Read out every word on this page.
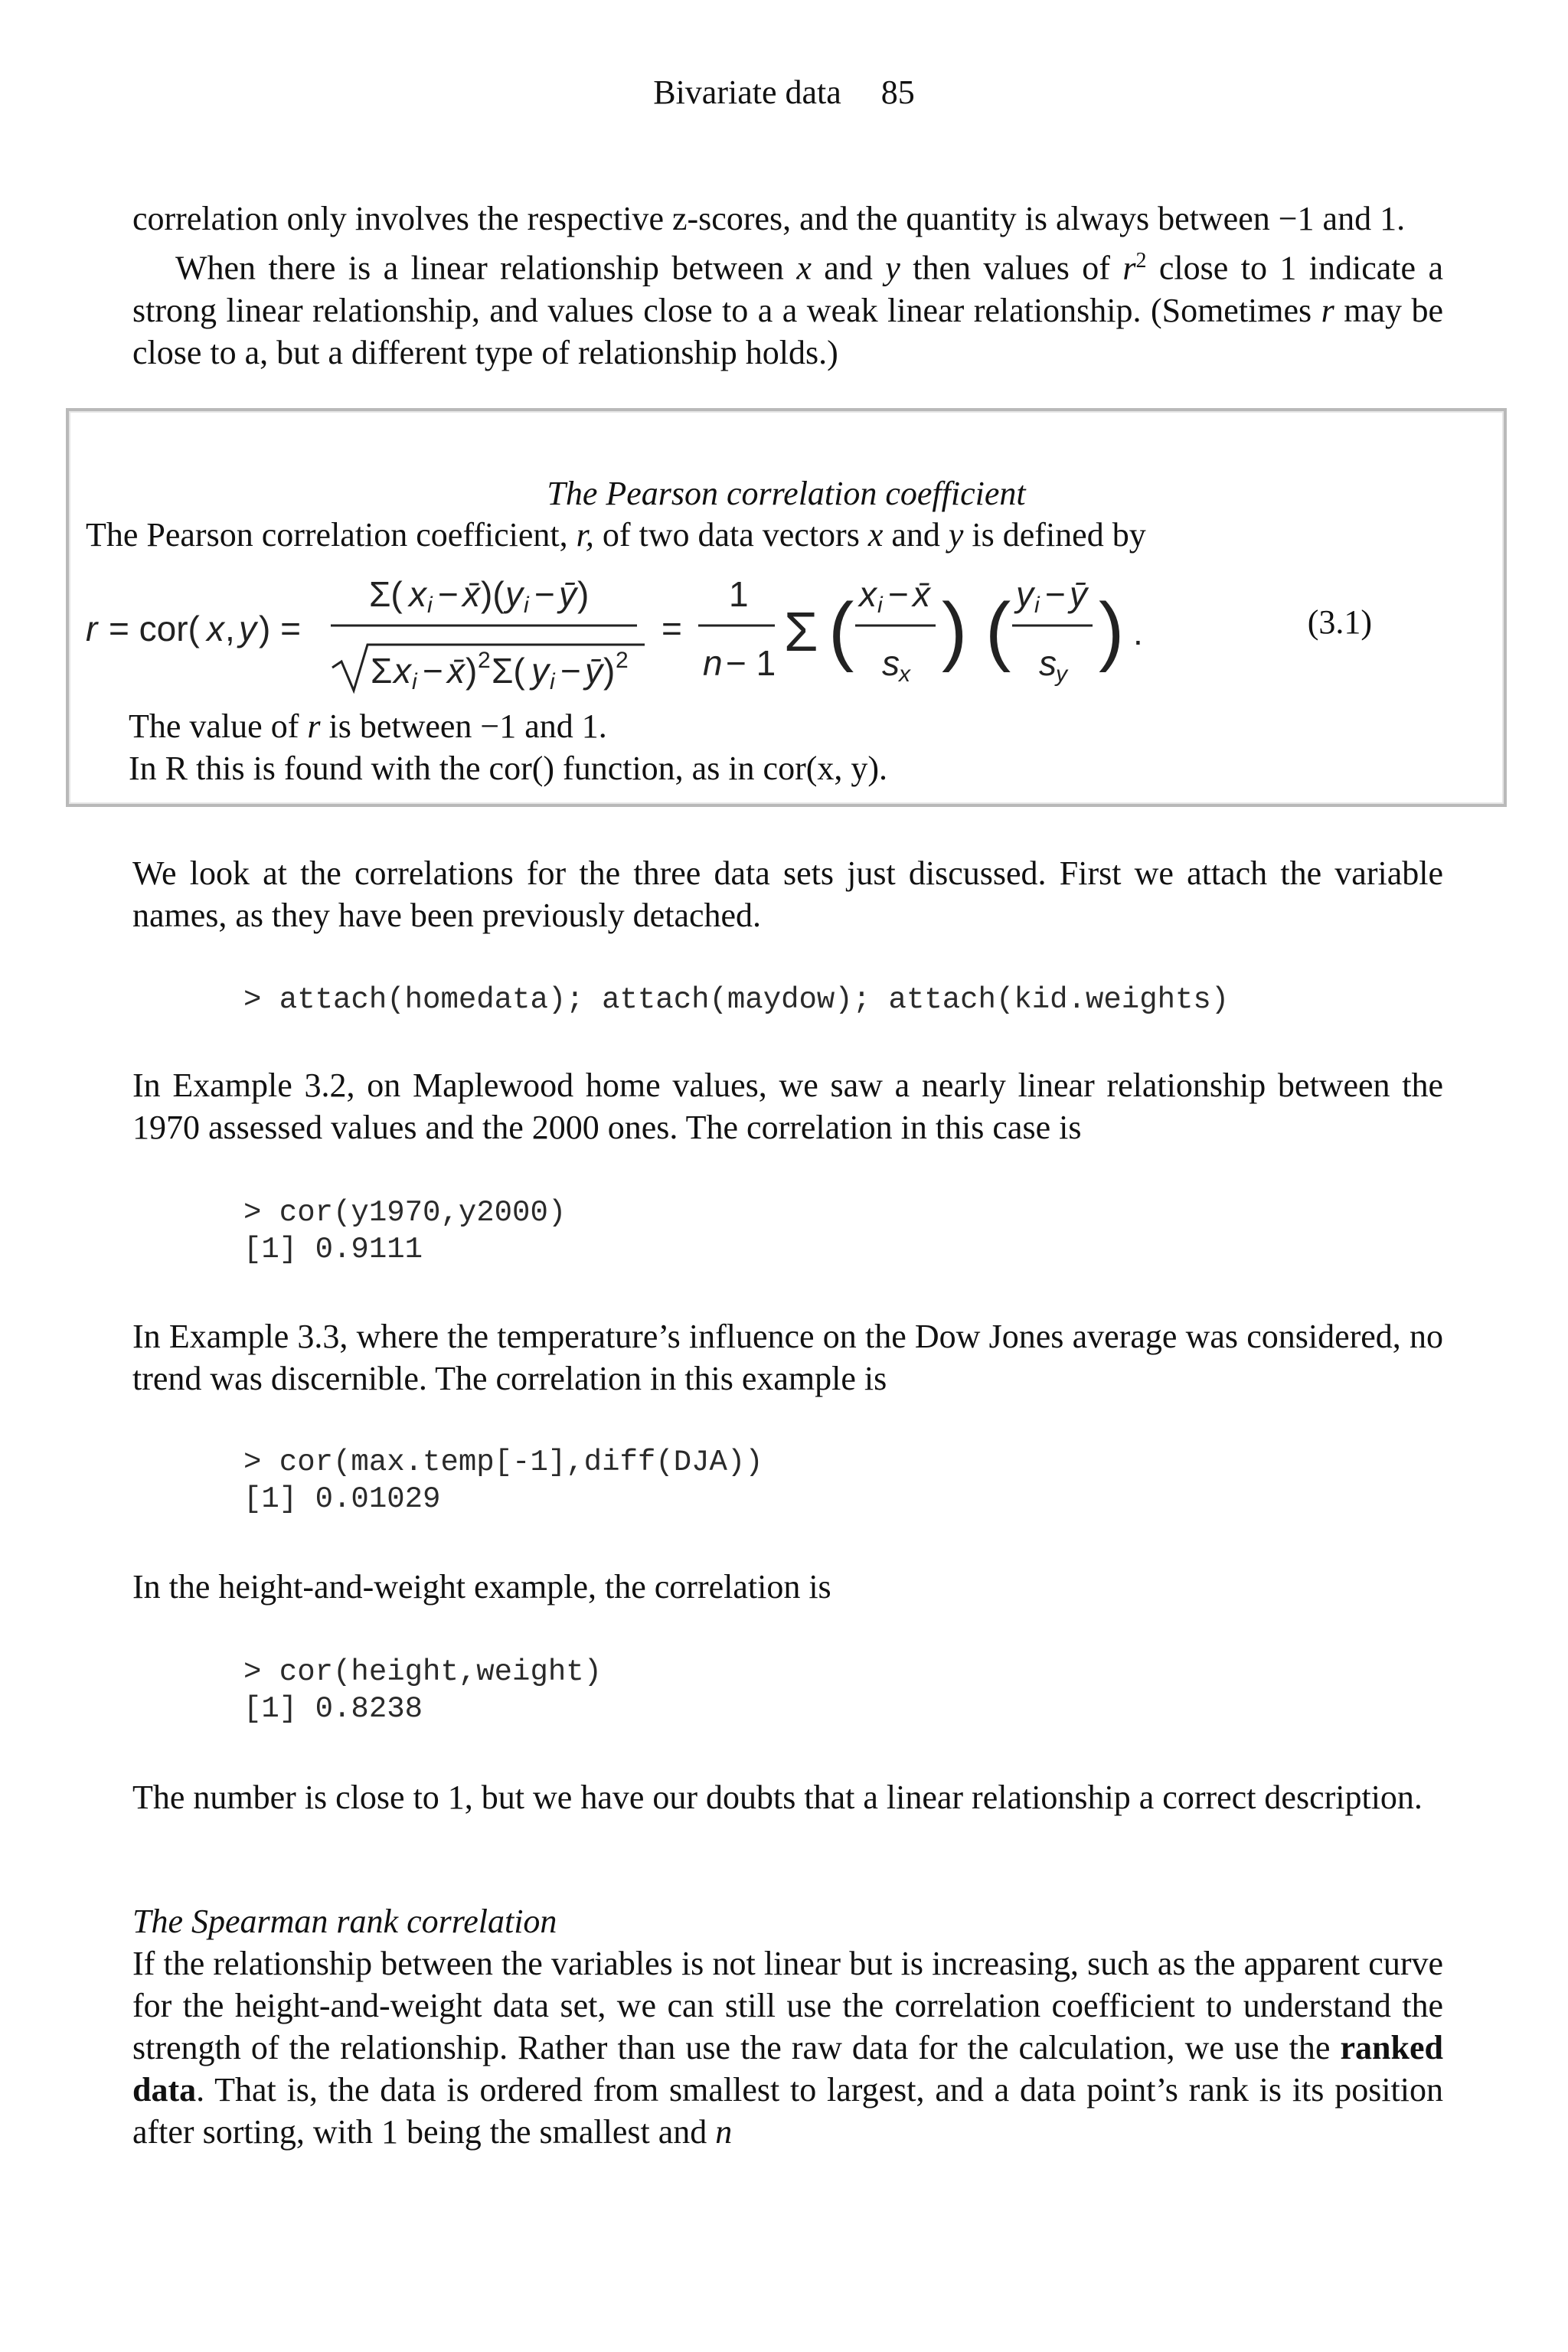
Bivariate data 85

correlation only involves the respective z-scores, and the quantity is always between −1 and 1.

When there is a linear relationship between x and y then values of $r^2$ close to 1 indicate a strong linear relationship, and values close to a a weak linear relationship. (Sometimes r may be close to a, but a different type of relationship holds.)

The Pearson correlation coefficient
The Pearson correlation coefficient, r, of two data vectors x and y is defined by
r = cor( x , y ) =
Σ( x i − x̄ )( y i − ȳ )
Σ x i − x̄ ) 2 Σ( y i − ȳ ) 2
=
1
n − 1 Σ ( x i − x̄
s x
) ( y i − ȳ
s y
) .	(3.1)
The value of r is between −1 and 1.
In R this is found with the cor() function, as in cor(x, y).

We look at the correlations for the three data sets just discussed. First we attach the variable names, as they have been previously detached.

> attach(homedata); attach(maydow); attach(kid.weights)

In Example 3.2, on Maplewood home values, we saw a nearly linear relationship between the 1970 assessed values and the 2000 ones. The correlation in this case is

> cor(y1970,y2000)
[1] 0.9111

In Example 3.3, where the temperature’s influence on the Dow Jones average was considered, no trend was discernible. The correlation in this example is

> cor(max.temp[-1],diff(DJA))
[1] 0.01029

In the height-and-weight example, the correlation is

> cor(height,weight)
[1] 0.8238

The number is close to 1, but we have our doubts that a linear relationship a correct description.

The Spearman rank correlation

If the relationship between the variables is not linear but is increasing, such as the apparent curve for the height-and-weight data set, we can still use the correlation coefficient to understand the strength of the relationship. Rather than use the raw data for the calculation, we use the ranked data. That is, the data is ordered from smallest to largest, and a data point’s rank is its position after sorting, with 1 being the smallest and n
